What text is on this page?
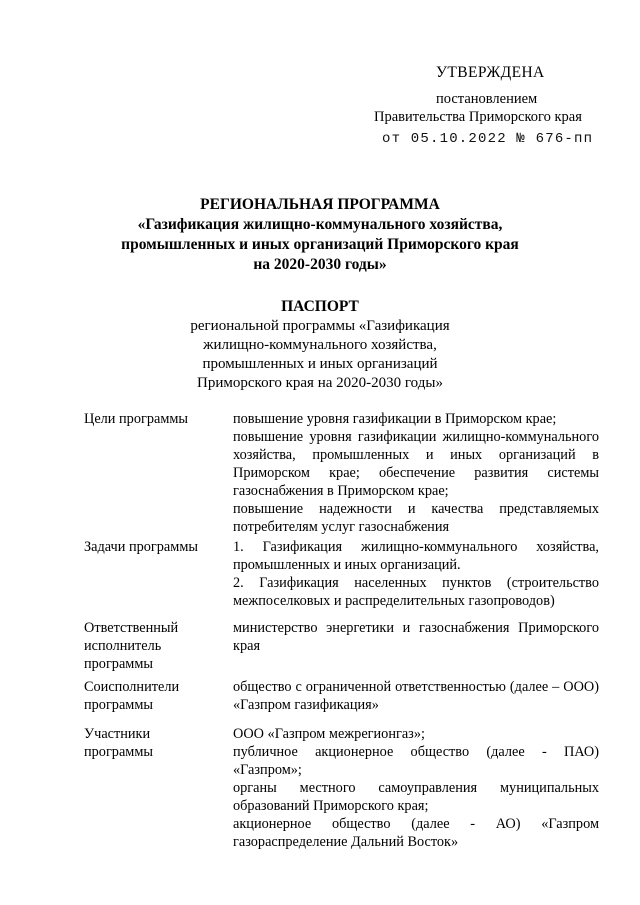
УТВЕРЖДЕНА
постановлением
Правительства Приморского края
от 05.10.2022 № 676-пп
РЕГИОНАЛЬНАЯ ПРОГРАММА
«Газификация жилищно-коммунального хозяйства,
промышленных и иных организаций Приморского края
на 2020-2030 годы»
ПАСПОРТ
региональной программы «Газификация
жилищно-коммунального хозяйства,
промышленных и иных организаций
Приморского края на 2020-2030 годы»
Цели программы	повышение уровня газификации в Приморском крае;

повышение уровня газификации жилищно-коммунального хозяйства, промышленных и иных организаций в Приморском крае; обеспечение развития системы газоснабжения в Приморском крае;

повышение надежности и качества представляемых потребителям услуг газоснабжения

Задачи программы	1. Газификация жилищно-коммунального хозяйства, промышленных и иных организаций.

2. Газификация населенных пунктов (строительство межпоселковых и распределительных газопроводов)

Ответственный
исполнитель
программы

министерство энергетики и газоснабжения Приморского края

Соисполнители
программы

общество с ограниченной ответственностью (далее – ООО) «Газпром газификация»

Участники
программы

ООО «Газпром межрегионгаз»;

публичное акционерное общество (далее - ПАО) «Газпром»;

органы местного самоуправления муниципальных образований Приморского края;

акционерное общество (далее - АО) «Газпром газораспределение Дальний Восток»
